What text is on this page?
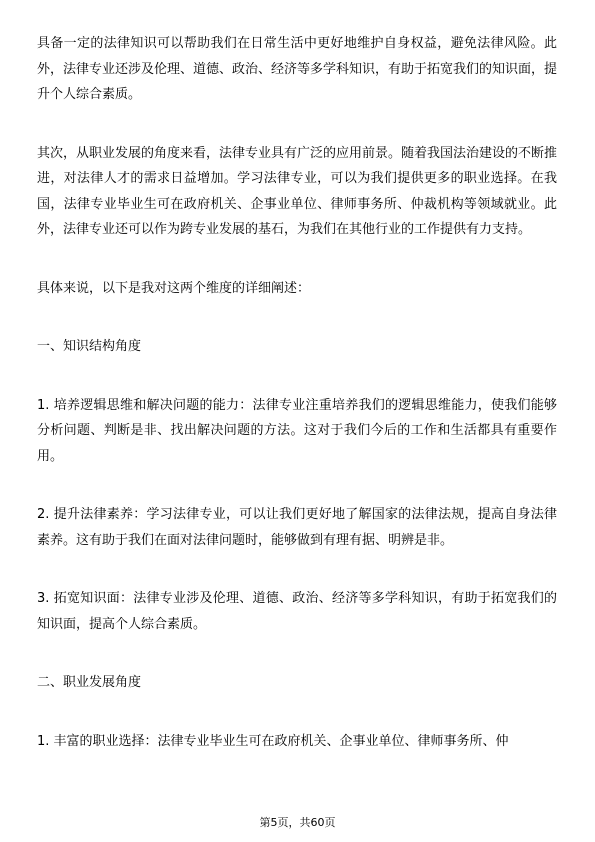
具备一定的法律知识可以帮助我们在日常生活中更好地维护自身权益，避免法律风险。此外，法律专业还涉及伦理、道德、政治、经济等多学科知识，有助于拓宽我们的知识面，提升个人综合素质。

其次，从职业发展的角度来看，法律专业具有广泛的应用前景。随着我国法治建设的不断推进，对法律人才的需求日益增加。学习法律专业，可以为我们提供更多的职业选择。在我国，法律专业毕业生可在政府机关、企事业单位、律师事务所、仲裁机构等领域就业。此外，法律专业还可以作为跨专业发展的基石，为我们在其他行业的工作提供有力支持。

具体来说，以下是我对这两个维度的详细阐述：

一、知识结构角度

1. 培养逻辑思维和解决问题的能力：法律专业注重培养我们的逻辑思维能力，使我们能够分析问题、判断是非、找出解决问题的方法。这对于我们今后的工作和生活都具有重要作用。

2. 提升法律素养：学习法律专业，可以让我们更好地了解国家的法律法规，提高自身法律素养。这有助于我们在面对法律问题时，能够做到有理有据、明辨是非。

3. 拓宽知识面：法律专业涉及伦理、道德、政治、经济等多学科知识，有助于拓宽我们的知识面，提高个人综合素质。

二、职业发展角度

1. 丰富的职业选择：法律专业毕业生可在政府机关、企事业单位、律师事务所、仲

第5页，共60页
